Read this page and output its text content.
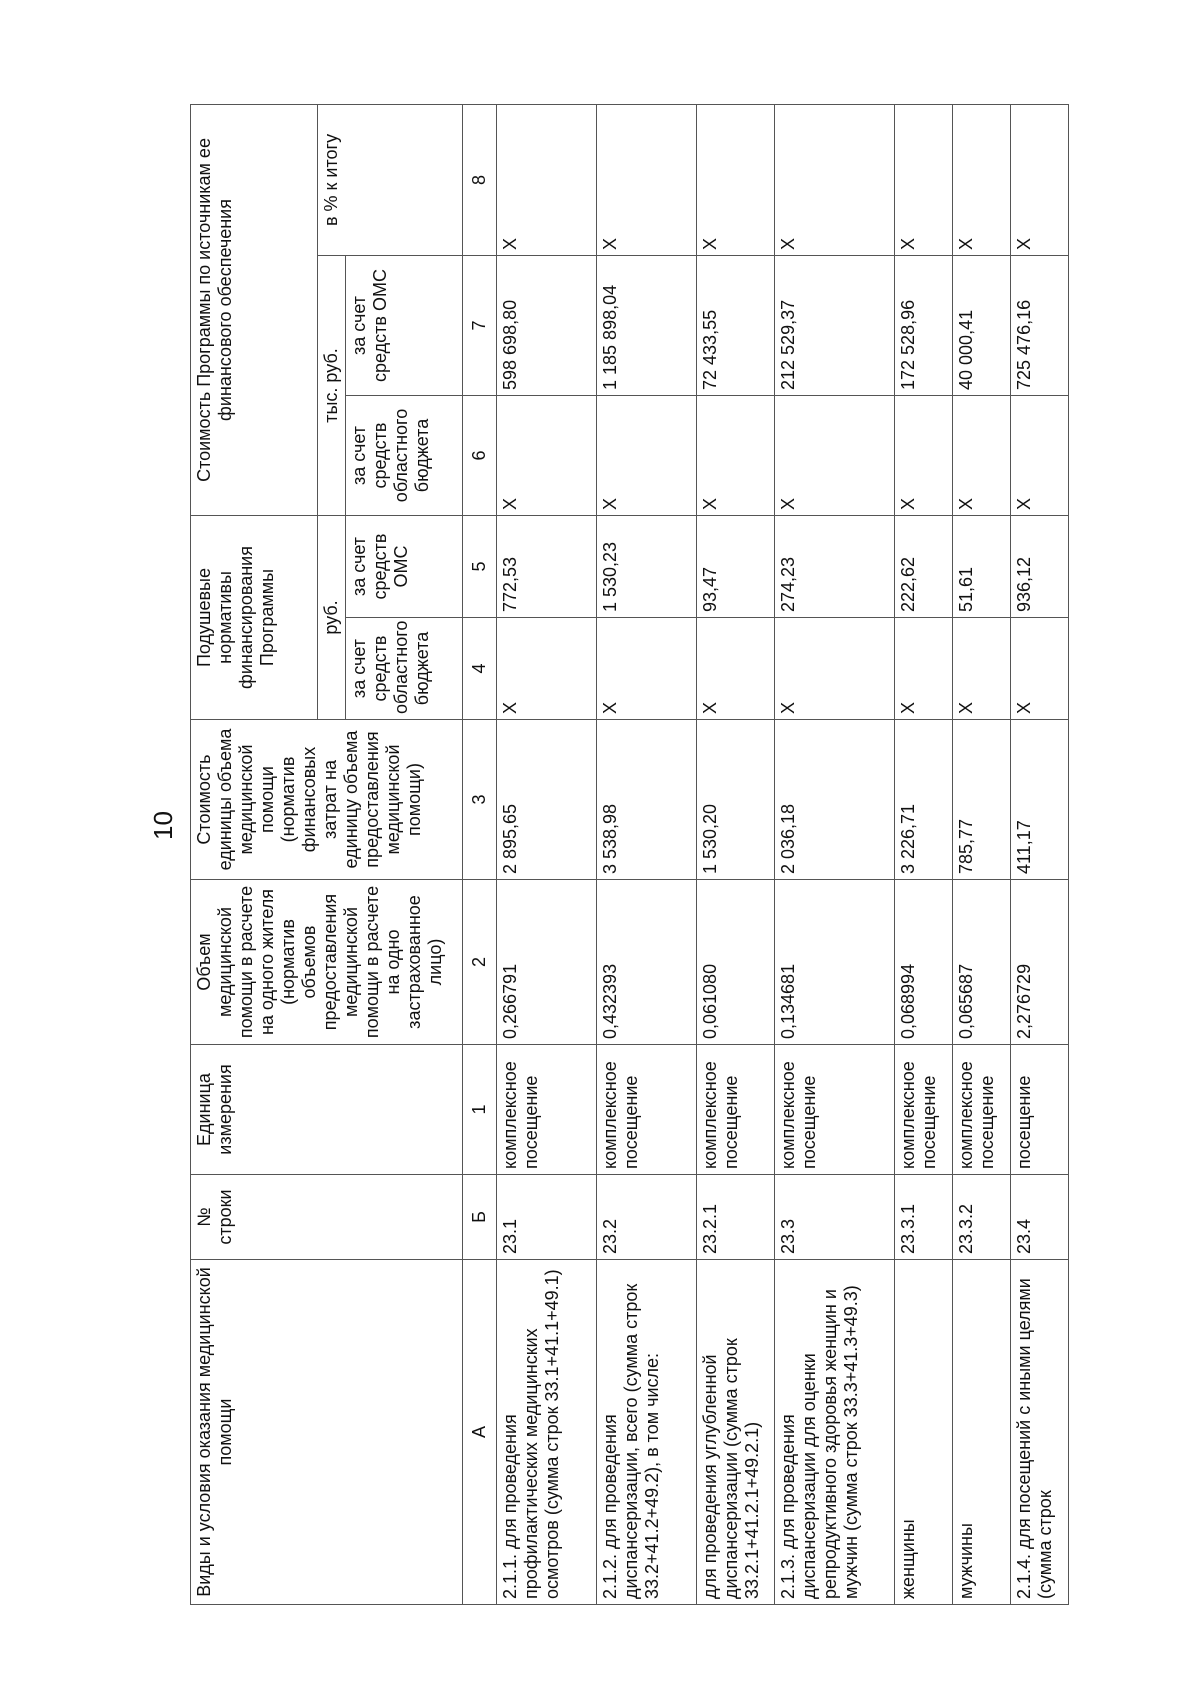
10
Виды и условия оказания медицинской помощи	№ строки	Единица измерения	Объем медицинской помощи в расчете на одного жителя (норматив объемов предоставления медицинской помощи в расчете на одно застрахованное лицо)	Стоимость единицы объема медицинской помощи (норматив финансовых затрат на единицу объема предоставления медицинской помощи)	Подушевые нормативы финансирования Программы		Стоимость Программы по источникам ее финансового обеспечения		
					руб.		тыс. руб.		в % к итогу
					за счет средств областного бюджета	за счет средств ОМС	за счет средств областного бюджета	за счет средств ОМС	
А	Б	1	2	3	4	5	6	7	8
2.1.1. для проведения профилактических медицинских осмотров (сумма строк 33.1+41.1+49.1)	23.1	комплексное посещение	0,266791	2 895,65	X	772,53	X	598 698,80	X
2.1.2. для проведения диспансеризации, всего (сумма строк 33.2+41.2+49.2), в том числе:	23.2	комплексное посещение	0,432393	3 538,98	X	1 530,23	X	1 185 898,04	X
для проведения углубленной диспансеризации (сумма строк 33.2.1+41.2.1+49.2.1)	23.2.1	комплексное посещение	0,061080	1 530,20	X	93,47	X	72 433,55	X
2.1.3. для проведения диспансеризации для оценки репродуктивного здоровья женщин и мужчин (сумма строк 33.3+41.3+49.3)	23.3	комплексное посещение	0,134681	2 036,18	X	274,23	X	212 529,37	X
женщины	23.3.1	комплексное посещение	0,068994	3 226,71	X	222,62	X	172 528,96	X
мужчины	23.3.2	комплексное посещение	0,065687	785,77	X	51,61	X	40 000,41	X
2.1.4. для посещений с иными целями (сумма строк	23.4	посещение	2,276729	411,17	X	936,12	X	725 476,16	X
